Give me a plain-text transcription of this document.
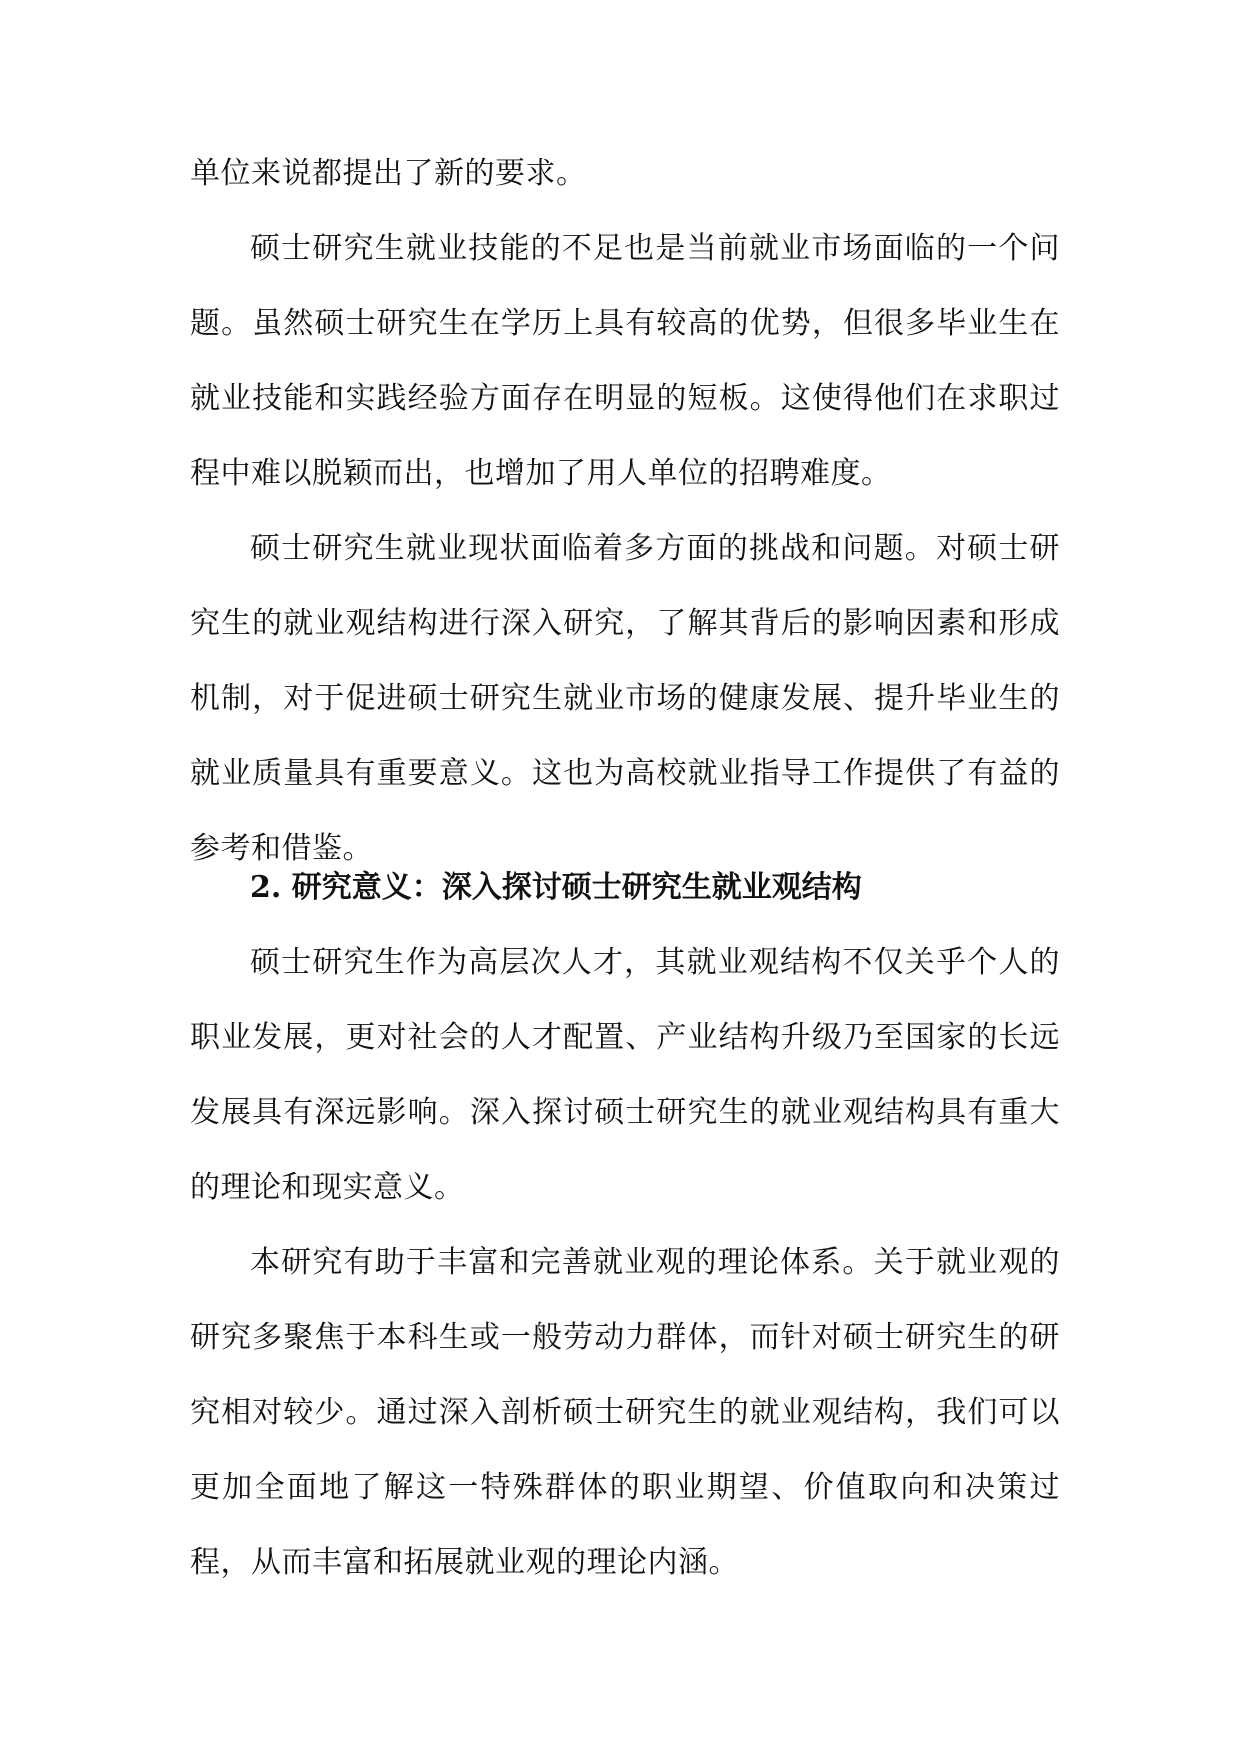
单位来说都提出了新的要求。

硕士研究生就业技能的不足也是当前就业市场面临的一个问题。虽然硕士研究生在学历上具有较高的优势，但很多毕业生在就业技能和实践经验方面存在明显的短板。这使得他们在求职过程中难以脱颖而出，也增加了用人单位的招聘难度。

硕士研究生就业现状面临着多方面的挑战和问题。对硕士研究生的就业观结构进行深入研究，了解其背后的影响因素和形成机制，对于促进硕士研究生就业市场的健康发展、提升毕业生的就业质量具有重要意义。这也为高校就业指导工作提供了有益的参考和借鉴。

2. 研究意义：深入探讨硕士研究生就业观结构

硕士研究生作为高层次人才，其就业观结构不仅关乎个人的职业发展，更对社会的人才配置、产业结构升级乃至国家的长远发展具有深远影响。深入探讨硕士研究生的就业观结构具有重大的理论和现实意义。

本研究有助于丰富和完善就业观的理论体系。关于就业观的研究多聚焦于本科生或一般劳动力群体，而针对硕士研究生的研究相对较少。通过深入剖析硕士研究生的就业观结构，我们可以更加全面地了解这一特殊群体的职业期望、价值取向和决策过程，从而丰富和拓展就业观的理论内涵。
